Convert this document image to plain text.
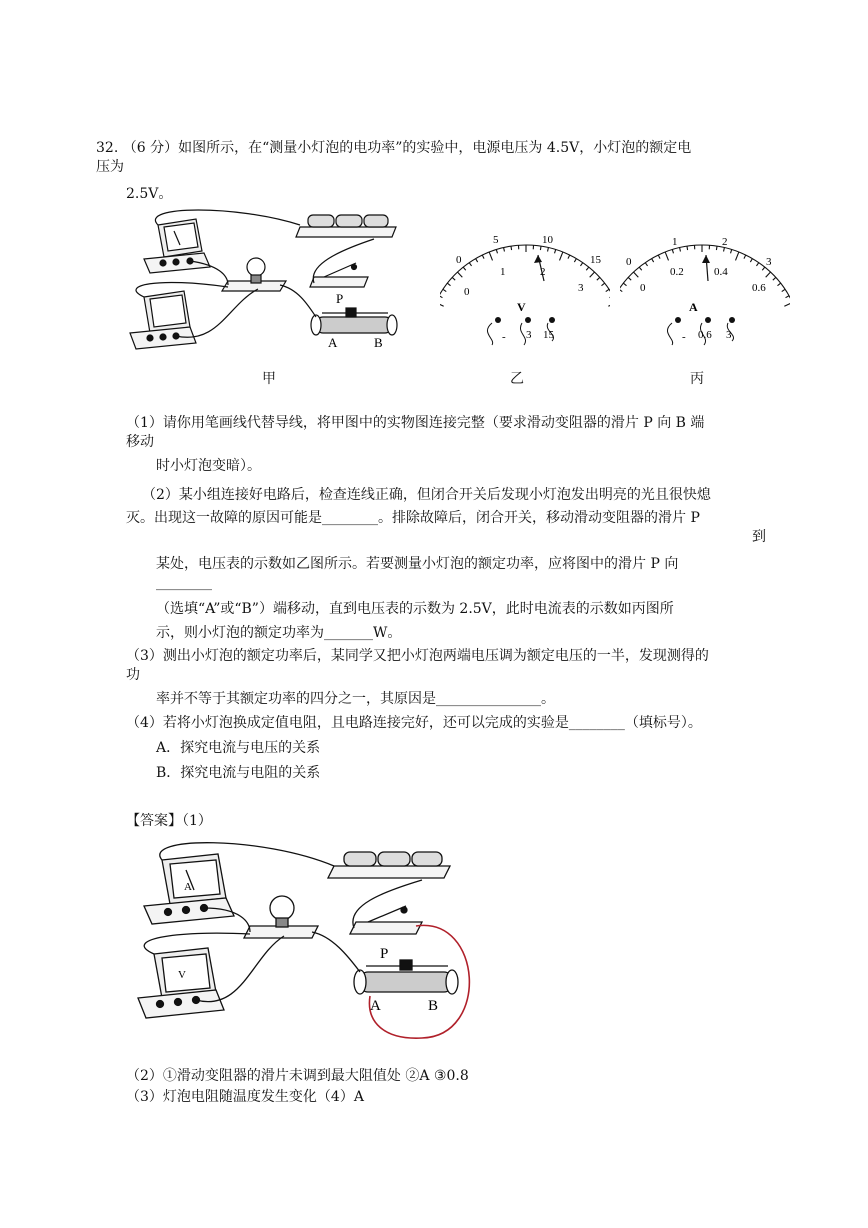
32. （6 分）如图所示，在“测量小灯泡的电功率”的实验中，电源电压为 4.5V，小灯泡的额定电
压为
2.5V。
P
A	B
0
5	10
15
0
1	2
3
V
- 3 15
0
1	2
3
0
0.2	0.4
0.6
A
- 0.6 3
甲	乙	丙
（1）请你用笔画线代替导线，将甲图中的实物图连接完整（要求滑动变阻器的滑片 P 向 B 端
移动
时小灯泡变暗）。
（2）某小组连接好电路后，检查连线正确，但闭合开关后发现小灯泡发出明亮的光且很快熄
灭。出现这一故障的原因可能是________。排除故障后，闭合开关，移动滑动变阻器的滑片 P
到
某处，电压表的示数如乙图所示。若要测量小灯泡的额定功率，应将图中的滑片 P 向
________
（选填“A”或“B”）端移动，直到电压表的示数为 2.5V，此时电流表的示数如丙图所
示，则小灯泡的额定功率为_______W。
（3）测出小灯泡的额定功率后，某同学又把小灯泡两端电压调为额定电压的一半，发现测得的
功
率并不等于其额定功率的四分之一，其原因是_______________。
（4）若将小灯泡换成定值电阻，且电路连接完好，还可以完成的实验是________（填标号）。
A．探究电流与电压的关系
B．探究电流与电阻的关系
【答案】（1）
P
A	B
A
V
（2）①滑动变阻器的滑片未调到最大阻值处 ②A ③0.8
（3）灯泡电阻随温度发生变化（4）A
